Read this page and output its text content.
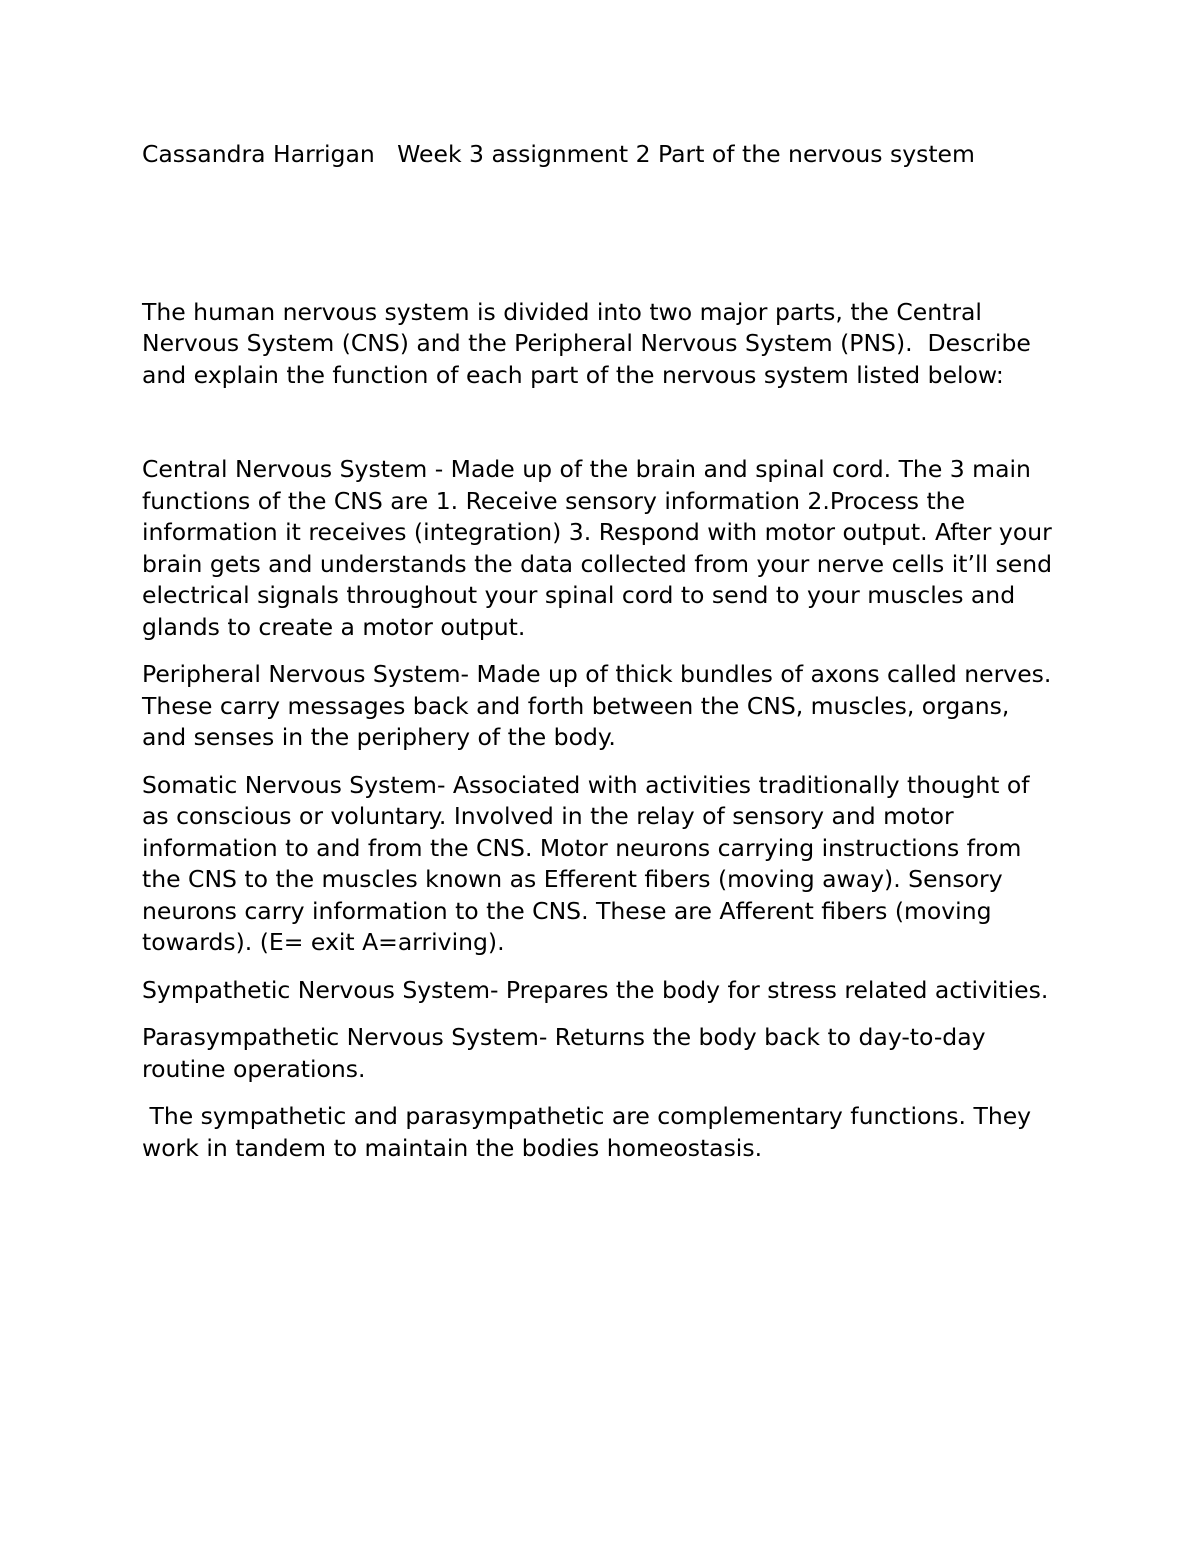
Cassandra Harrigan   Week 3 assignment 2 Part of the nervous system
The human nervous system is divided into two major parts, the Central
Nervous System (CNS) and the Peripheral Nervous System (PNS).  Describe
and explain the function of each part of the nervous system listed below:
Central Nervous System - Made up of the brain and spinal cord. The 3 main
functions of the CNS are 1. Receive sensory information 2.Process the
information it receives (integration) 3. Respond with motor output. After your
brain gets and understands the data collected from your nerve cells it’ll send
electrical signals throughout your spinal cord to send to your muscles and
glands to create a motor output.
Peripheral Nervous System- Made up of thick bundles of axons called nerves.
These carry messages back and forth between the CNS, muscles, organs,
and senses in the periphery of the body.
Somatic Nervous System- Associated with activities traditionally thought of
as conscious or voluntary. Involved in the relay of sensory and motor
information to and from the CNS. Motor neurons carrying instructions from
the CNS to the muscles known as Efferent fibers (moving away). Sensory
neurons carry information to the CNS. These are Afferent fibers (moving
towards). (E= exit A=arriving).
Sympathetic Nervous System- Prepares the body for stress related activities.
Parasympathetic Nervous System- Returns the body back to day-to-day
routine operations.
The sympathetic and parasympathetic are complementary functions. They
work in tandem to maintain the bodies homeostasis.
